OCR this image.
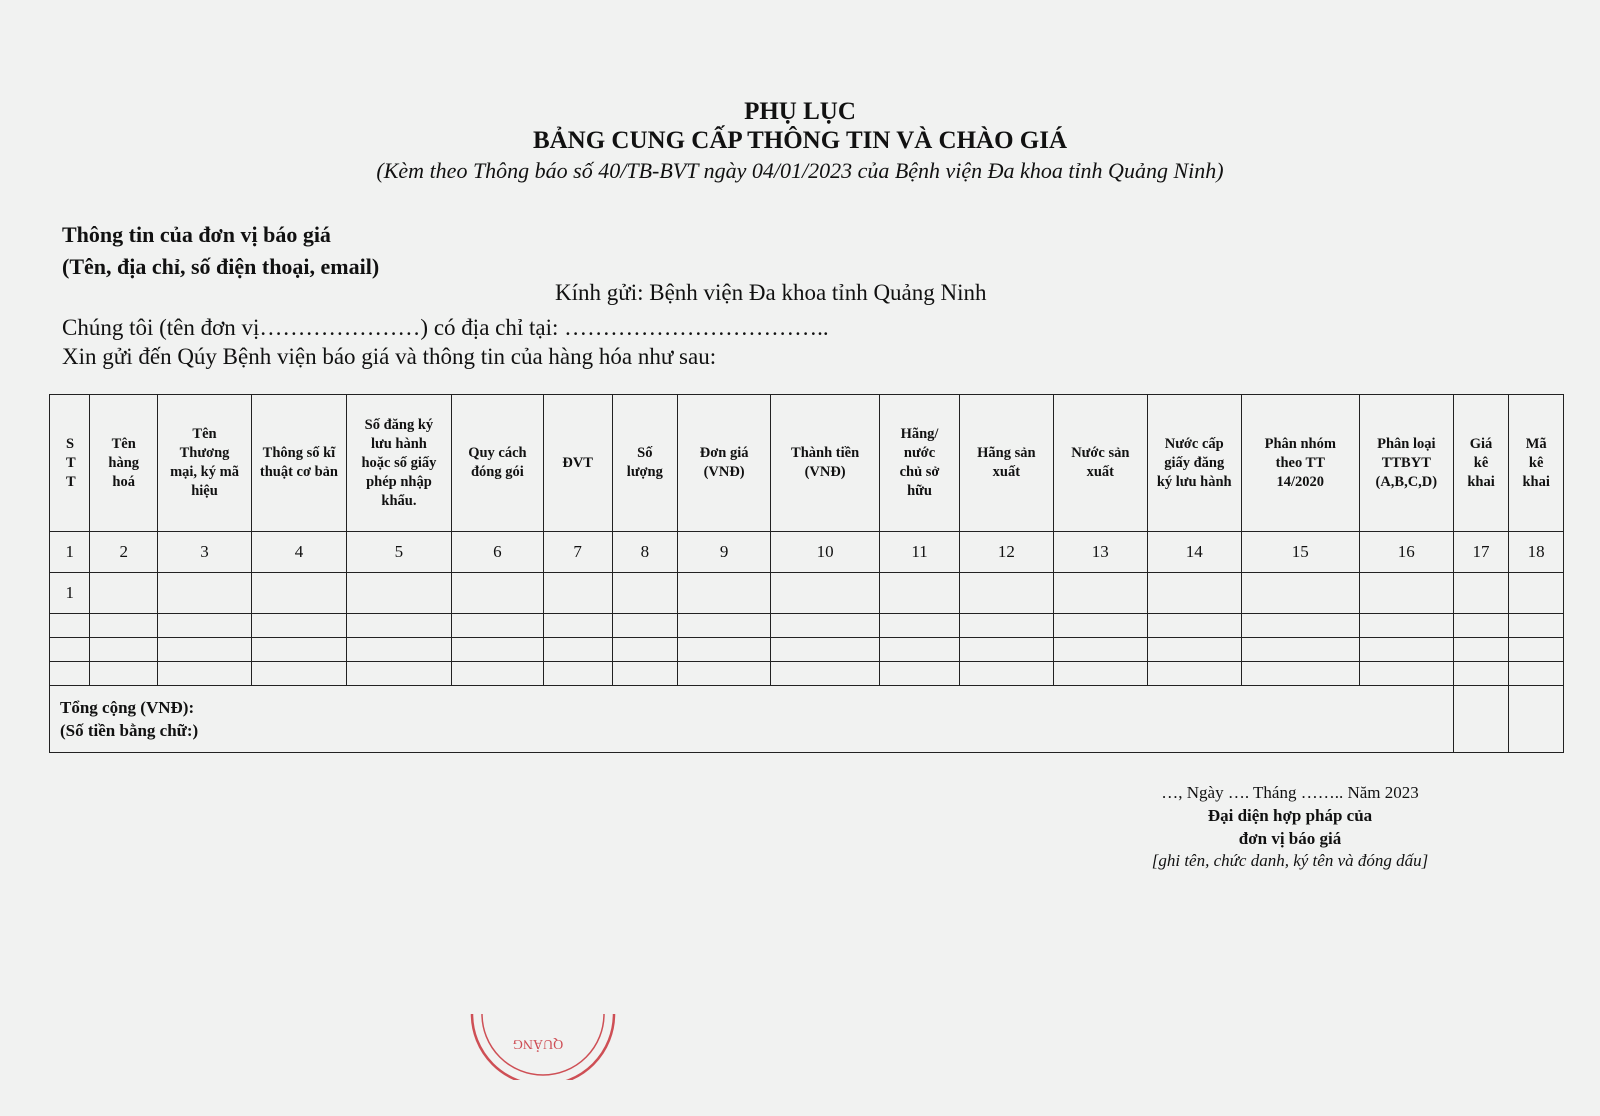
PHỤ LỤC
BẢNG CUNG CẤP THÔNG TIN VÀ CHÀO GIÁ
(Kèm theo Thông báo số 40/TB-BVT ngày 04/01/2023 của Bệnh viện Đa khoa tỉnh Quảng Ninh)
Thông tin của đơn vị báo giá
(Tên, địa chỉ, số điện thoại, email)
Kính gửi: Bệnh viện Đa khoa tỉnh Quảng Ninh
Chúng tôi (tên đơn vị…………………) có địa chỉ tại: ……………………………..
Xin gửi đến Qúy Bệnh viện báo giá và thông tin của hàng hóa như sau:
S T T	Tên hàng hoá	Tên Thương mại, ký mã hiệu	Thông số kĩ thuật cơ bản	Số đăng ký lưu hành hoặc số giấy phép nhập khẩu.	Quy cách đóng gói	ĐVT	Số lượng	Đơn giá (VNĐ)	Thành tiền (VNĐ)	Hãng/ nước chủ sở hữu	Hãng sản xuất	Nước sản xuất	Nước cấp giấy đăng ký lưu hành	Phân nhóm theo TT 14/2020	Phân loại TTBYT (A,B,C,D)	Giá kê khai	Mã kê khai
1	2	3	4	5	6	7	8	9	10	11	12	13	14	15	16	17	18
1																	

Tổng cộng (VNĐ):
(Số tiền bằng chữ:)																	

…, Ngày …. Tháng …….. Năm 2023
Đại diện hợp pháp của
đơn vị báo giá
[ghi tên, chức danh, ký tên và đóng dấu]
QUẢNG
